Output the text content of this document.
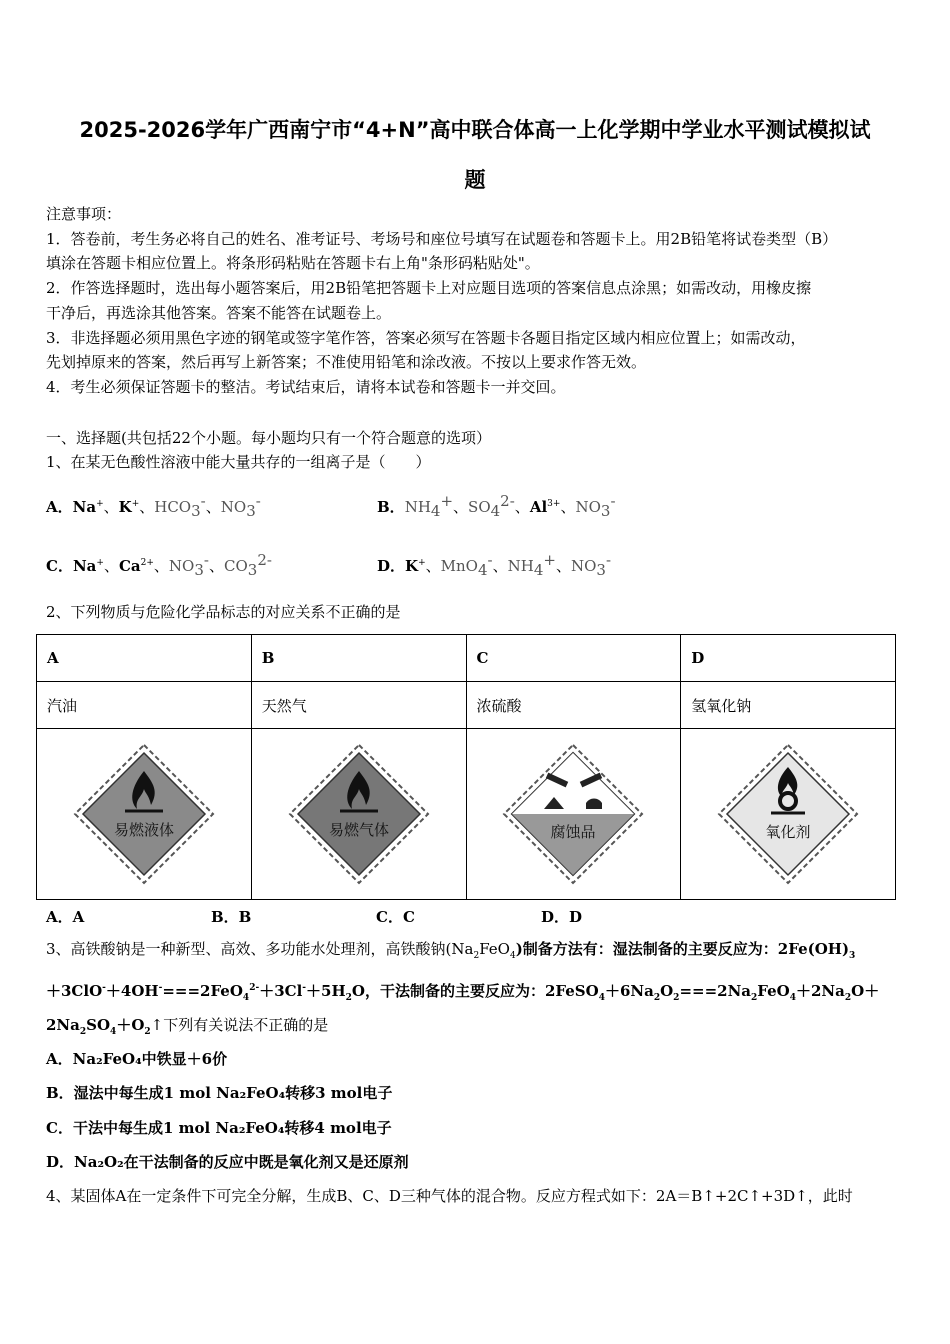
2025-2026学年广西南宁市“4+N”高中联合体高一上化学期中学业水平测试模拟试
题
注意事项：
1．答卷前，考生务必将自己的姓名、准考证号、考场号和座位号填写在试题卷和答题卡上。用2B铅笔将试卷类型（B）
填涂在答题卡相应位置上。将条形码粘贴在答题卡右上角"条形码粘贴处"。
2．作答选择题时，选出每小题答案后，用2B铅笔把答题卡上对应题目选项的答案信息点涂黑；如需改动，用橡皮擦
干净后，再选涂其他答案。答案不能答在试题卷上。
3．非选择题必须用黑色字迹的钢笔或签字笔作答，答案必须写在答题卡各题目指定区域内相应位置上；如需改动，
先划掉原来的答案，然后再写上新答案；不准使用铅笔和涂改液。不按以上要求作答无效。
4．考生必须保证答题卡的整洁。考试结束后，请将本试卷和答题卡一并交回。
一、选择题(共包括22个小题。每小题均只有一个符合题意的选项）
1、在某无色酸性溶液中能大量共存的一组离子是（　　）
A．Na+、K+、$HCO_3^-$、$NO_3^-$	B．$NH_4^+$、$SO_4^{2-}$、$Al^{3+}$、$NO_3^-$
C．Na+、$Ca^{2+}$、$NO_3^-$、$CO_3^{2-}$	D．K+、MnO$_4$-、$NH_4^+$、$NO_3^-$
2、下列物质与危险化学品标志的对应关系不正确的是
A	B	C	D
汽油	天然气	浓硫酸	氢氧化钠

易燃液体	易燃气体	腐蚀品	氧化剂
A．A	B．B	C．C	D．D
3、高铁酸钠是一种新型、高效、多功能水处理剂，高铁酸钠$(Na_2FeO_4)$制备方法有：湿法制备的主要反应为：$2Fe(OH)_3$
$+3ClO^-+4OH^-===2FeO_4^{2-}+3Cl^-+5H_2O$，干法制备的主要反应为：$2FeSO_4+6Na_2O_2===2Na_2FeO_4+2Na_2O+$
$2Na_2SO_4+O_2↑$下列有关说法不正确的是
A．Na₂FeO₄中铁显＋6价
B．湿法中每生成1 mol Na₂FeO₄转移3 mol电子
C．干法中每生成1 mol Na₂FeO₄转移4 mol电子
D．Na₂O₂在干法制备的反应中既是氧化剂又是还原剂
4、某固体A在一定条件下可完全分解，生成B、C、D三种气体的混合物。反应方程式如下：2A＝B↑+2C↑+3D↑，此时
